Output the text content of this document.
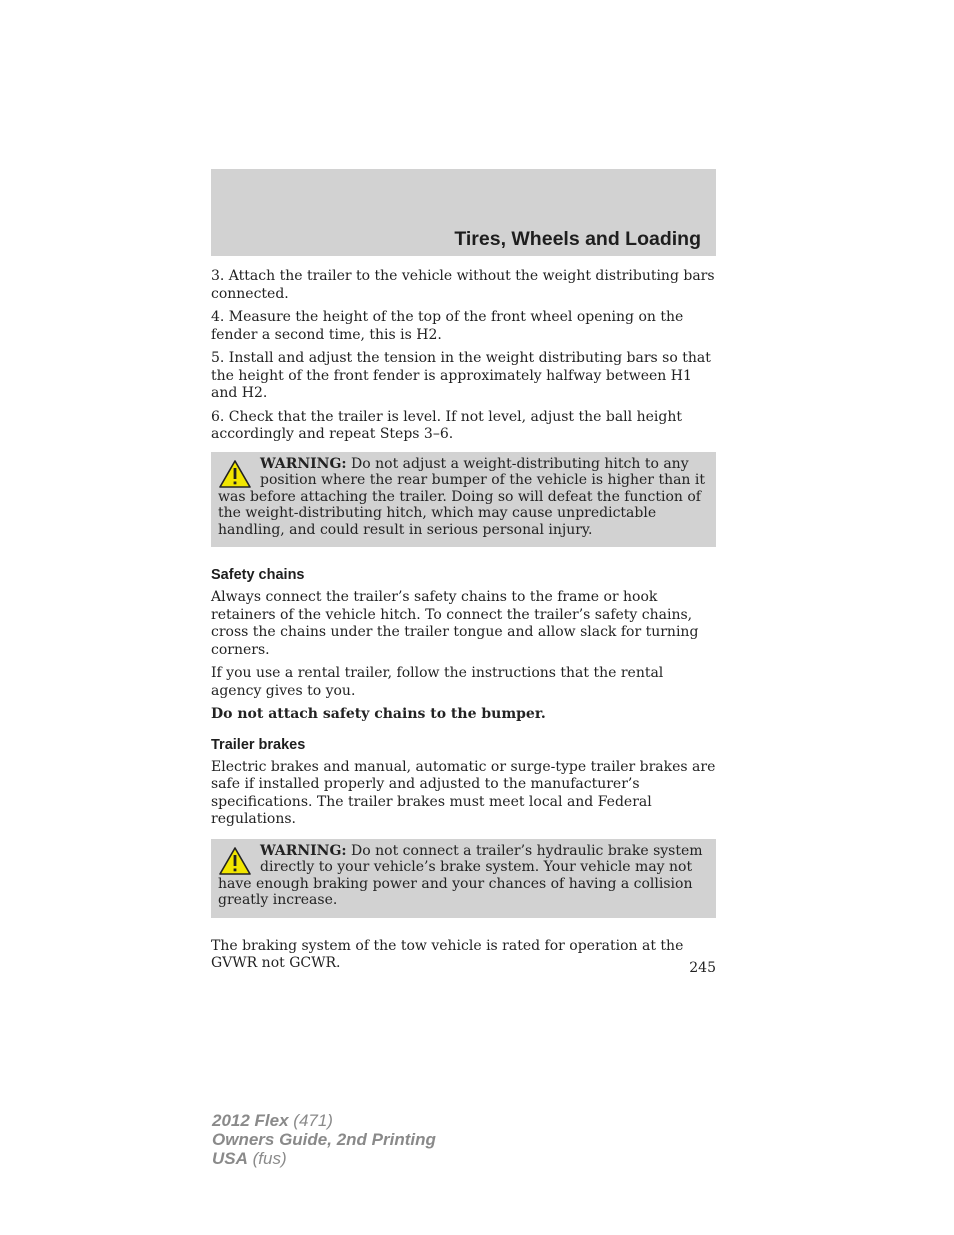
Tires, Wheels and Loading

3. Attach the trailer to the vehicle without the weight distributing bars connected.

4. Measure the height of the top of the front wheel opening on the fender a second time, this is H2.

5. Install and adjust the tension in the weight distributing bars so that the height of the front fender is approximately halfway between H1 and H2.

6. Check that the trailer is level. If not level, adjust the ball height accordingly and repeat Steps 3–6.

WARNING: Do not adjust a weight-distributing hitch to any position where the rear bumper of the vehicle is higher than it was before attaching the trailer. Doing so will defeat the function of the weight-distributing hitch, which may cause unpredictable handling, and could result in serious personal injury.
Safety chains

Always connect the trailer’s safety chains to the frame or hook retainers of the vehicle hitch. To connect the trailer’s safety chains, cross the chains under the trailer tongue and allow slack for turning corners.

If you use a rental trailer, follow the instructions that the rental agency gives to you.

Do not attach safety chains to the bumper.

Trailer brakes

Electric brakes and manual, automatic or surge-type trailer brakes are safe if installed properly and adjusted to the manufacturer’s specifications. The trailer brakes must meet local and Federal regulations.

WARNING: Do not connect a trailer’s hydraulic brake system directly to your vehicle’s brake system. Your vehicle may not have enough braking power and your chances of having a collision greatly increase.

The braking system of the tow vehicle is rated for operation at the GVWR not GCWR.	245
2012 Flex (471)
Owners Guide, 2nd Printing
USA (fus)
